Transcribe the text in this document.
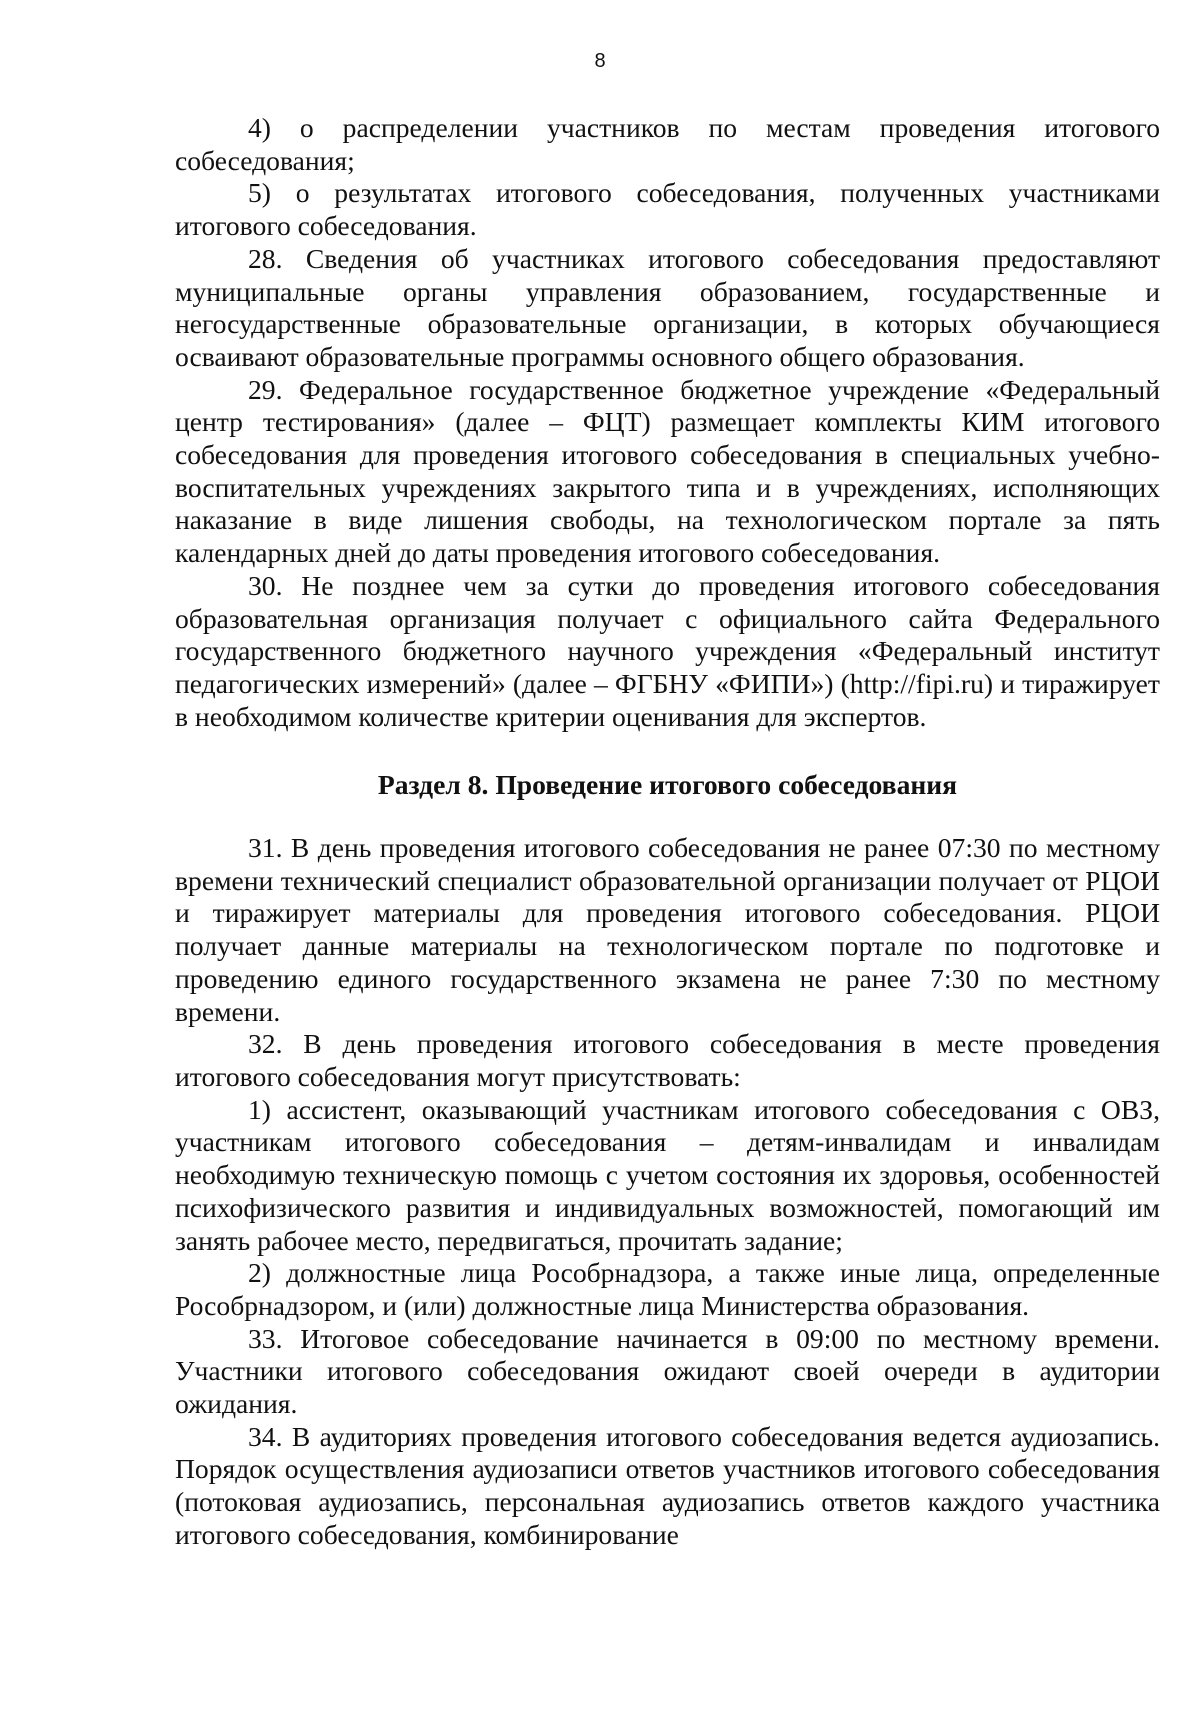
8

4) о распределении участников по местам проведения итогового собеседования;

5) о результатах итогового собеседования, полученных участниками итогового собеседования.

28. Сведения об участниках итогового собеседования предоставляют муниципальные органы управления образованием, государственные и негосударственные образовательные организации, в которых обучающиеся осваивают образовательные программы основного общего образования.

29. Федеральное государственное бюджетное учреждение «Федеральный центр тестирования» (далее – ФЦТ) размещает комплекты КИМ итогового собеседования для проведения итогового собеседования в специальных учебно-воспитательных учреждениях закрытого типа и в учреждениях, исполняющих наказание в виде лишения свободы, на технологическом портале за пять календарных дней до даты проведения итогового собеседования.

30. Не позднее чем за сутки до проведения итогового собеседования образовательная организация получает с официального сайта Федерального государственного бюджетного научного учреждения «Федеральный институт педагогических измерений» (далее – ФГБНУ «ФИПИ») (http://fipi.ru) и тиражирует в необходимом количестве критерии оценивания для экспертов.

Раздел 8. Проведение итогового собеседования

31. В день проведения итогового собеседования не ранее 07:30 по местному времени технический специалист образовательной организации получает от РЦОИ и тиражирует материалы для проведения итогового собеседования. РЦОИ получает данные материалы на технологическом портале по подготовке и проведению единого государственного экзамена не ранее 7:30 по местному времени.

32. В день проведения итогового собеседования в месте проведения итогового собеседования могут присутствовать:

1) ассистент, оказывающий участникам итогового собеседования с ОВЗ, участникам итогового собеседования – детям-инвалидам и инвалидам необходимую техническую помощь с учетом состояния их здоровья, особенностей психофизического развития и индивидуальных возможностей, помогающий им занять рабочее место, передвигаться, прочитать задание;

2) должностные лица Рособрнадзора, а также иные лица, определенные Рособрнадзором, и (или) должностные лица Министерства образования.

33. Итоговое собеседование начинается в 09:00 по местному времени. Участники итогового собеседования ожидают своей очереди в аудитории ожидания.

34. В аудиториях проведения итогового собеседования ведется аудиозапись. Порядок осуществления аудиозаписи ответов участников итогового собеседования (потоковая аудиозапись, персональная аудиозапись ответов каждого участника итогового собеседования, комбинирование
